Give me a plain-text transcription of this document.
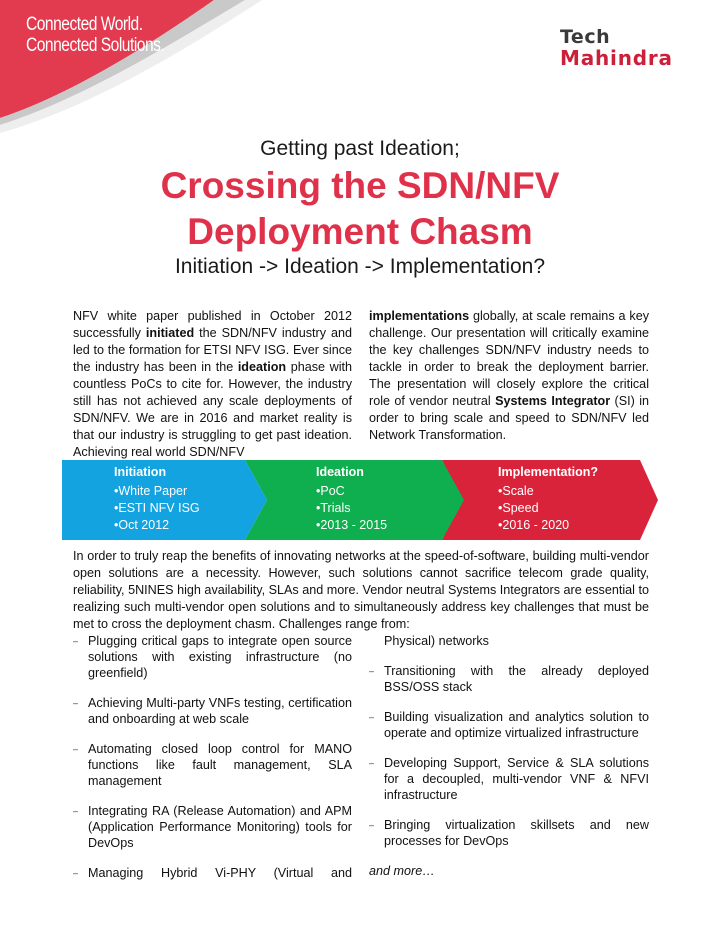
Connected World.
Connected Solutions.	Tech
Mahindra
Getting past Ideation;
Crossing the SDN/NFV
Deployment Chasm
Initiation -> Ideation -> Implementation?

NFV white paper published in October 2012 successfully initiated the SDN/NFV industry and led to the formation for ETSI NFV ISG. Ever since the industry has been in the ideation phase with countless PoCs to cite for. However, the industry still has not achieved any scale deployments of SDN/NFV. We are in 2016 and market reality is that our industry is struggling to get past ideation. Achieving real world SDN/NFV

implementations globally, at scale remains a key challenge. Our presentation will critically examine the key challenges SDN/NFV industry needs to tackle in order to break the deployment barrier. The presentation will closely explore the critical role of vendor neutral Systems Integrator (SI) in order to bring scale and speed to SDN/NFV led Network Transformation.

Initiation
•White Paper
•ESTI NFV ISG
•Oct 2012
Ideation
•PoC
•Trials
•2013 - 2015
Implementation?
•Scale
•Speed
•2016 - 2020
In order to truly reap the benefits of innovating networks at the speed-of-software, building multi-vendor open solutions are a necessity. However, such solutions cannot sacrifice telecom grade quality, reliability, 5NINES high availability, SLAs and more. Vendor neutral Systems Integrators are essential to realizing such multi-vendor open solutions and to simultaneously address key challenges that must be met to cross the deployment chasm. Challenges range from:
– Plugging critical gaps to integrate open source solutions with existing infrastructure (no greenfield)
– Achieving Multi-party VNFs testing, certification and onboarding at web scale
– Automating closed loop control for MANO functions like fault management, SLA management
– Integrating RA (Release Automation) and APM (Application Performance Monitoring) tools for DevOps
– Managing Hybrid Vi-PHY (Virtual and
Physical) networks
– Transitioning with the already deployed BSS/OSS stack
– Building visualization and analytics solution to operate and optimize virtualized infrastructure
– Developing Support, Service & SLA solutions for a decoupled, multi-vendor VNF & NFVI infrastructure
– Bringing virtualization skillsets and new processes for DevOps
and more…
